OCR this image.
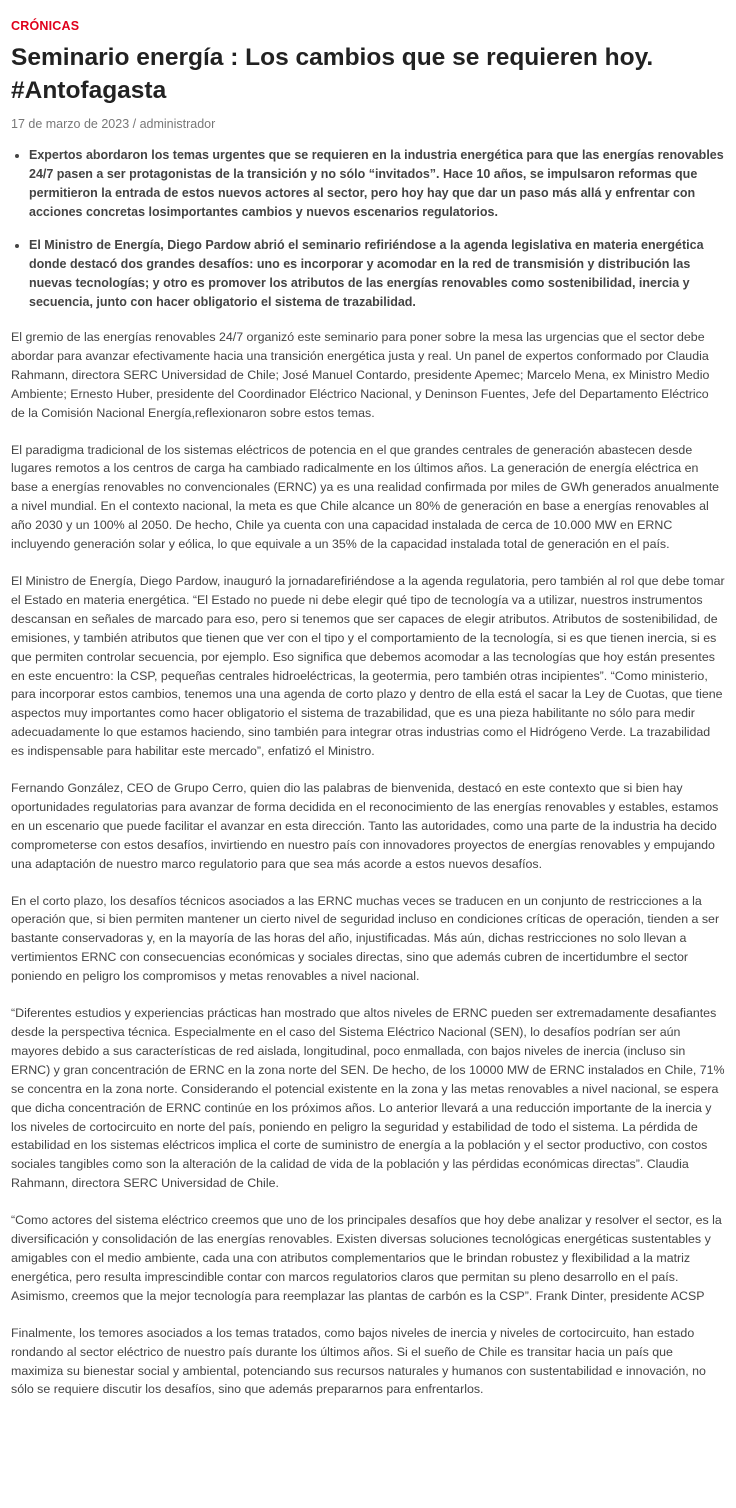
CRÓNICAS
Seminario energía : Los cambios que se requieren hoy. #Antofagasta
17 de marzo de 2023 / administrador
• Expertos abordaron los temas urgentes que se requieren en la industria energética para que las energías renovables 24/7 pasen a ser protagonistas de la transición y no sólo “invitados”. Hace 10 años, se impulsaron reformas que permitieron la entrada de estos nuevos actores al sector, pero hoy hay que dar un paso más allá y enfrentar con acciones concretas losimportantes cambios y nuevos escenarios regulatorios.
• El Ministro de Energía, Diego Pardow abrió el seminario refiriéndose a la agenda legislativa en materia energética donde destacó dos grandes desafíos: uno es incorporar y acomodar en la red de transmisión y distribución las nuevas tecnologías; y otro es promover los atributos de las energías renovables como sostenibilidad, inercia y secuencia, junto con hacer obligatorio el sistema de trazabilidad.

El gremio de las energías renovables 24/7 organizó este seminario para poner sobre la mesa las urgencias que el sector debe abordar para avanzar efectivamente hacia una transición energética justa y real. Un panel de expertos conformado por Claudia Rahmann, directora SERC Universidad de Chile; José Manuel Contardo, presidente Apemec; Marcelo Mena, ex Ministro Medio Ambiente; Ernesto Huber, presidente del Coordinador Eléctrico Nacional, y Deninson Fuentes, Jefe del Departamento Eléctrico de la Comisión Nacional Energía,reflexionaron sobre estos temas.

El paradigma tradicional de los sistemas eléctricos de potencia en el que grandes centrales de generación abastecen desde lugares remotos a los centros de carga ha cambiado radicalmente en los últimos años. La generación de energía eléctrica en base a energías renovables no convencionales (ERNC) ya es una realidad confirmada por miles de GWh generados anualmente a nivel mundial. En el contexto nacional, la meta es que Chile alcance un 80% de generación en base a energías renovables al año 2030 y un 100% al 2050. De hecho, Chile ya cuenta con una capacidad instalada de cerca de 10.000 MW en ERNC incluyendo generación solar y eólica, lo que equivale a un 35% de la capacidad instalada total de generación en el país.

El Ministro de Energía, Diego Pardow, inauguró la jornadarefiriéndose a la agenda regulatoria, pero también al rol que debe tomar el Estado en materia energética. “El Estado no puede ni debe elegir qué tipo de tecnología va a utilizar, nuestros instrumentos descansan en señales de marcado para eso, pero si tenemos que ser capaces de elegir atributos. Atributos de sostenibilidad, de emisiones, y también atributos que tienen que ver con el tipo y el comportamiento de la tecnología, si es que tienen inercia, si es que permiten controlar secuencia, por ejemplo. Eso significa que debemos acomodar a las tecnologías que hoy están presentes en este encuentro: la CSP, pequeñas centrales hidroeléctricas, la geotermia, pero también otras incipientes”. “Como ministerio, para incorporar estos cambios, tenemos una una agenda de corto plazo y dentro de ella está el sacar la Ley de Cuotas, que tiene aspectos muy importantes como hacer obligatorio el sistema de trazabilidad, que es una pieza habilitante no sólo para medir adecuadamente lo que estamos haciendo, sino también para integrar otras industrias como el Hidrógeno Verde. La trazabilidad es indispensable para habilitar este mercado”, enfatizó el Ministro.

Fernando González, CEO de Grupo Cerro, quien dio las palabras de bienvenida, destacó en este contexto que si bien hay oportunidades regulatorias para avanzar de forma decidida en el reconocimiento de las energías renovables y estables, estamos en un escenario que puede facilitar el avanzar en esta dirección. Tanto las autoridades, como una parte de la industria ha decido comprometerse con estos desafíos, invirtiendo en nuestro país con innovadores proyectos de energías renovables y empujando una adaptación de nuestro marco regulatorio para que sea más acorde a estos nuevos desafíos.

En el corto plazo, los desafíos técnicos asociados a las ERNC muchas veces se traducen en un conjunto de restricciones a la operación que, si bien permiten mantener un cierto nivel de seguridad incluso en condiciones críticas de operación, tienden a ser bastante conservadoras y, en la mayoría de las horas del año, injustificadas. Más aún, dichas restricciones no solo llevan a vertimientos ERNC con consecuencias económicas y sociales directas, sino que además cubren de incertidumbre el sector poniendo en peligro los compromisos y metas renovables a nivel nacional.

“Diferentes estudios y experiencias prácticas han mostrado que altos niveles de ERNC pueden ser extremadamente desafiantes desde la perspectiva técnica. Especialmente en el caso del Sistema Eléctrico Nacional (SEN), lo desafíos podrían ser aún mayores debido a sus características de red aislada, longitudinal, poco enmallada, con bajos niveles de inercia (incluso sin ERNC) y gran concentración de ERNC en la zona norte del SEN. De hecho, de los 10000 MW de ERNC instalados en Chile, 71% se concentra en la zona norte. Considerando el potencial existente en la zona y las metas renovables a nivel nacional, se espera que dicha concentración de ERNC continúe en los próximos años. Lo anterior llevará a una reducción importante de la inercia y los niveles de cortocircuito en norte del país, poniendo en peligro la seguridad y estabilidad de todo el sistema. La pérdida de estabilidad en los sistemas eléctricos implica el corte de suministro de energía a la población y el sector productivo, con costos sociales tangibles como son la alteración de la calidad de vida de la población y las pérdidas económicas directas”. Claudia Rahmann, directora SERC Universidad de Chile.

“Como actores del sistema eléctrico creemos que uno de los principales desafíos que hoy debe analizar y resolver el sector, es la diversificación y consolidación de las energías renovables. Existen diversas soluciones tecnológicas energéticas sustentables y amigables con el medio ambiente, cada una con atributos complementarios que le brindan robustez y flexibilidad a la matriz energética, pero resulta imprescindible contar con marcos regulatorios claros que permitan su pleno desarrollo en el país. Asimismo, creemos que la mejor tecnología para reemplazar las plantas de carbón es la CSP”. Frank Dinter, presidente ACSP

Finalmente, los temores asociados a los temas tratados, como bajos niveles de inercia y niveles de cortocircuito, han estado rondando al sector eléctrico de nuestro país durante los últimos años. Si el sueño de Chile es transitar hacia un país que maximiza su bienestar social y ambiental, potenciando sus recursos naturales y humanos con sustentabilidad e innovación, no sólo se requiere discutir los desafíos, sino que además prepararnos para enfrentarlos.
